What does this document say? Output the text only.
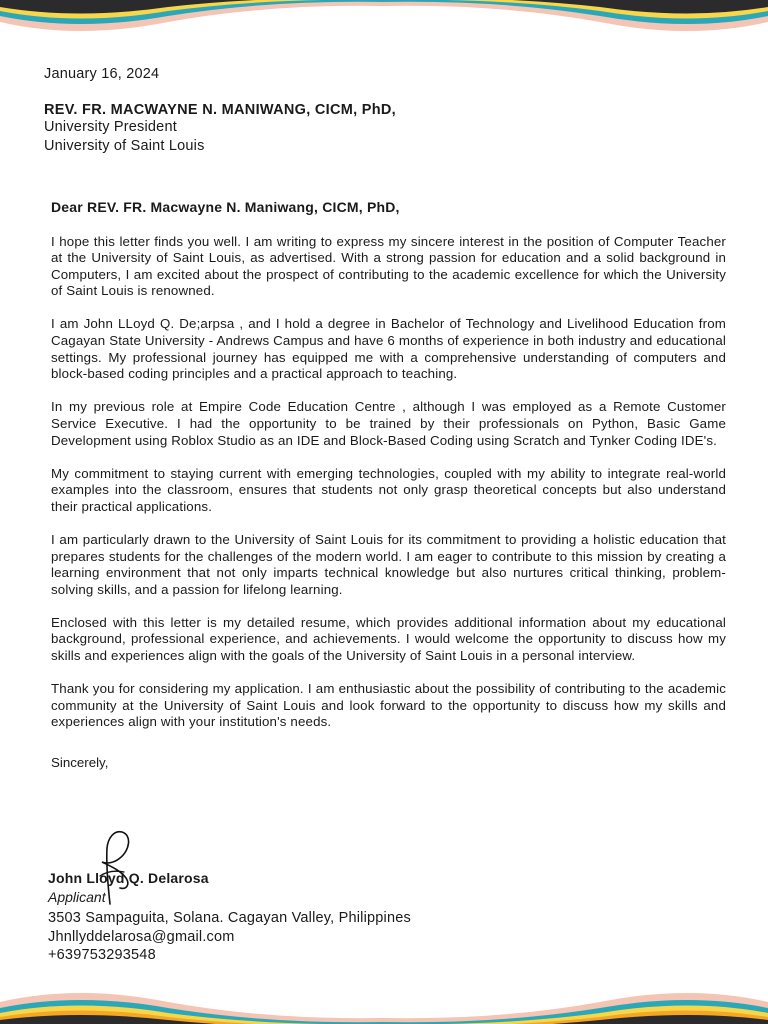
January 16, 2024
REV. FR. MACWAYNE N. MANIWANG, CICM, PhD,
University President
University of Saint Louis
Dear REV. FR. Macwayne N. Maniwang, CICM, PhD,

I hope this letter finds you well. I am writing to express my sincere interest in the position of Computer Teacher at the University of Saint Louis, as advertised. With a strong passion for education and a solid background in Computers, I am excited about the prospect of contributing to the academic excellence for which the University of Saint Louis is renowned.

I am John LLoyd Q. De;arpsa , and I hold a degree in Bachelor of Technology and Livelihood Education from Cagayan State University - Andrews Campus and have 6 months of experience in both industry and educational settings. My professional journey has equipped me with a comprehensive understanding of computers and block-based coding principles and a practical approach to teaching.

In my previous role at Empire Code Education Centre , although I was employed as a Remote Customer Service Executive. I had the opportunity to be trained by their professionals on Python, Basic Game Development using Roblox Studio as an IDE and Block-Based Coding using Scratch and Tynker Coding IDE's.

My commitment to staying current with emerging technologies, coupled with my ability to integrate real-world examples into the classroom, ensures that students not only grasp theoretical concepts but also understand their practical applications.

I am particularly drawn to the University of Saint Louis for its commitment to providing a holistic education that prepares students for the challenges of the modern world. I am eager to contribute to this mission by creating a learning environment that not only imparts technical knowledge but also nurtures critical thinking, problem-solving skills, and a passion for lifelong learning.

Enclosed with this letter is my detailed resume, which provides additional information about my educational background, professional experience, and achievements. I would welcome the opportunity to discuss how my skills and experiences align with the goals of the University of Saint Louis in a personal interview.

Thank you for considering my application. I am enthusiastic about the possibility of contributing to the academic community at the University of Saint Louis and look forward to the opportunity to discuss how my skills and experiences align with your institution's needs.

Sincerely,
John Lloyd Q. Delarosa
Applicant
3503 Sampaguita, Solana. Cagayan Valley, Philippines
Jhnllyddelarosa@gmail.com
+639753293548
